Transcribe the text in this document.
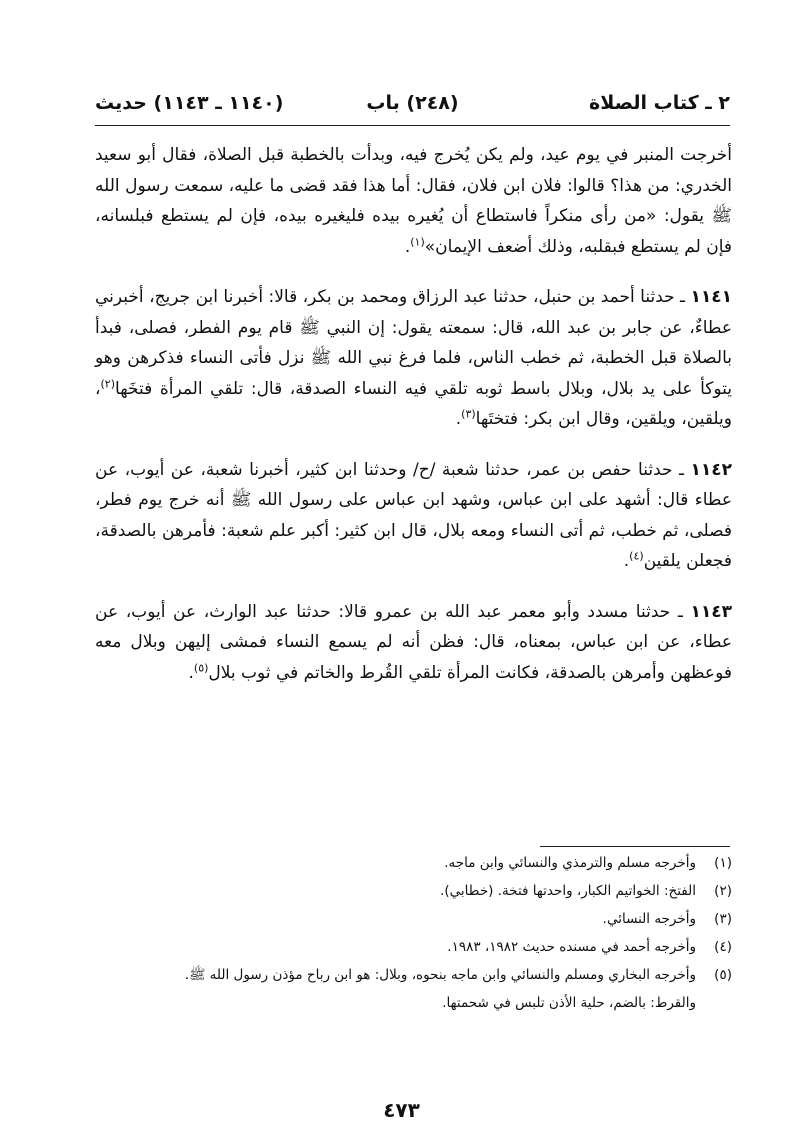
٢ ـ كتاب الصلاة
(٢٤٨) باب
(١١٤٠ ـ ١١٤٣) حديث

أخرجت المنبر في يوم عيد، ولم يكن يُخرج فيه، وبدأت بالخطبة قبل الصلاة، فقال أبو سعيد الخدري: من هذا؟ قالوا: فلان ابن فلان، فقال: أما هذا فقد قضى ما عليه، سمعت رسول الله ﷺ يقول: «من رأى منكراً فاستطاع أن يُغيره بيده فليغيره بيده، فإن لم يستطع فبلسانه، فإن لم يستطع فبقلبه، وذلك أضعف الإيمان»$^{(١)}$.

١١٤١ ـ حدثنا أحمد بن حنبل، حدثنا عبد الرزاق ومحمد بن بكر، قالا: أخبرنا ابن جريج، أخبرني عطاءٌ، عن جابر بن عبد الله، قال: سمعته يقول: إن النبي ﷺ قام يوم الفطر، فصلى، فبدأ بالصلاة قبل الخطبة، ثم خطب الناس، فلما فرغ نبي الله ﷺ نزل فأتى النساء فذكرهن وهو يتوكأ على يد بلال، وبلال باسط ثوبه تلقي فيه النساء الصدقة، قال: تلقي المرأة فتخَها$^{(٢)}$، ويلقين، ويلقين، وقال ابن بكر: فتختَها$^{(٣)}$.

١١٤٢ ـ حدثنا حفص بن عمر، حدثنا شعبة /ح/ وحدثنا ابن كثير، أخبرنا شعبة، عن أيوب، عن عطاء قال: أشهد على ابن عباس، وشهد ابن عباس على رسول الله ﷺ أنه خرج يوم فطر، فصلى، ثم خطب، ثم أتى النساء ومعه بلال، قال ابن كثير: أكبر علم شعبة: فأمرهن بالصدقة، فجعلن يلقين$^{(٤)}$.

١١٤٣ ـ حدثنا مسدد وأبو معمر عبد الله بن عمرو قالا: حدثنا عبد الوارث، عن أيوب، عن عطاء، عن ابن عباس، بمعناه، قال: فظن أنه لم يسمع النساء فمشى إليهن وبلال معه فوعظهن وأمرهن بالصدقة، فكانت المرأة تلقي القُرط والخاتم في ثوب بلال$^{(٥)}$.

(١)
وأخرجه مسلم والترمذي والنسائي وابن ماجه.
(٢)
الفتخ: الخواتيم الكبار، واحدتها فتخة. (خطابي).
(٣)
وأخرجه النسائي.
(٤)
وأخرجه أحمد في مسنده حديث ١٩٨٢، ١٩٨٣.
(٥)
وأخرجه البخاري ومسلم والنسائي وابن ماجه بنحوه، وبلال: هو ابن رباح مؤذن رسول الله ﷺ.
والقرط: بالضم، حلية الأذن تلبس في شحمتها.
٤٧٣
